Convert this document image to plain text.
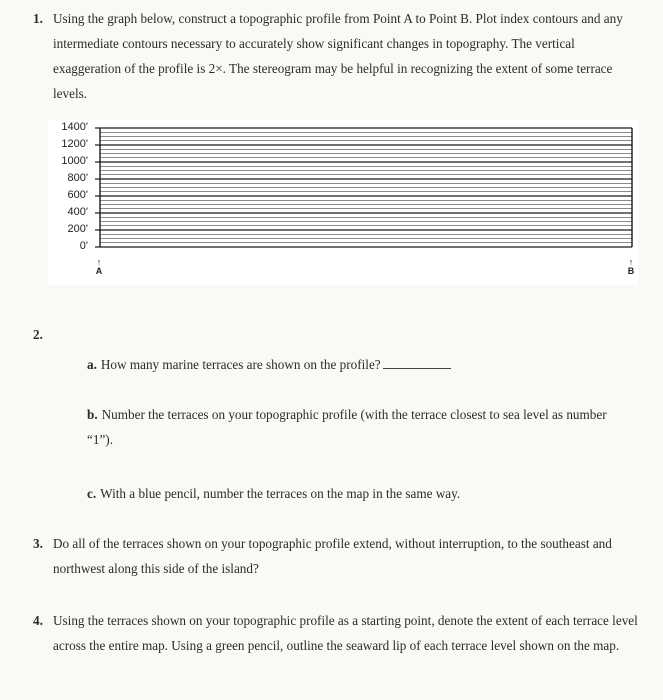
1. Using the graph below, construct a topographic profile from Point A to Point B. Plot index contours and any intermediate contours necessary to accurately show significant changes in topography. The vertical exaggeration of the profile is 2×. The stereogram may be helpful in recognizing the extent of some terrace levels.
1400'
1200'
1000'
800'
600'
400'
200'
0'
↑
A
↑
B
2.
a. How many marine terraces are shown on the profile?
b. Number the terraces on your topographic profile (with the terrace closest to sea level as number “1”).
c. With a blue pencil, number the terraces on the map in the same way.
3. Do all of the terraces shown on your topographic profile extend, without interruption, to the southeast and northwest along this side of the island?
4. Using the terraces shown on your topographic profile as a starting point, denote the extent of each terrace level across the entire map. Using a green pencil, outline the seaward lip of each terrace level shown on the map.
